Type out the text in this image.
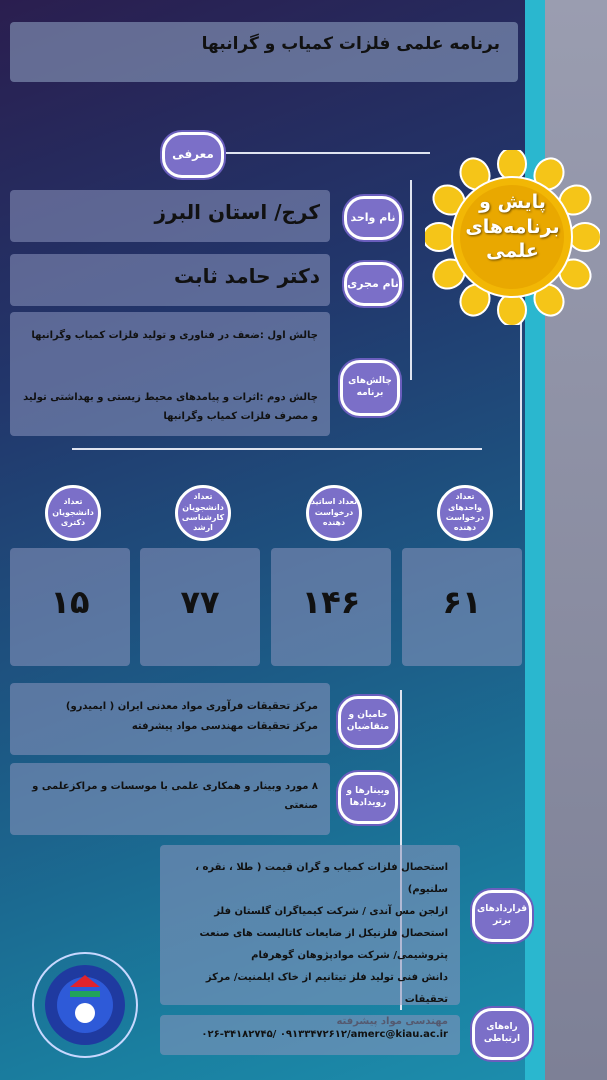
برنامه علمی فلزات کمیاب و گرانبها
معرفی
پایش و
برنامه‌های
علمی
کرج/ استان البرز	نام واحد
دکتر حامد ثابت نام مجری
چالش اول :ضعف در فناوری و تولید فلزات کمیاب وگرانبها
چالش دوم :اثرات و پیامدهای محیط زیستی و بهداشتی تولید و مصرف فلزات کمیاب وگرانبها
چالش‌های برنامه
تعداد واحدهای درخواست دهنده
تعداد اساتید درخواست دهنده
تعداد دانشجویان کارشناسی ارشد
تعداد دانشجویان دکتری
۶۱
۱۴۶
۷۷
۱۵
مرکز تحقیقات فرآوری مواد معدنی ایران ( ایمیدرو)
مرکز تحقیقات مهندسی مواد پیشرفته
حامیان و متقاضیان
۸ مورد وبینار و همکاری علمی با موسسات و مراکزعلمی و صنعتی
وبینارها و رویدادها
استحصال فلزات کمیاب و گران قیمت ( طلا ، نقره ، سلنیوم)
ازلجن مس آندی / شرکت کیمیاگران گلستان فلز
استحصال فلزنیکل از ضایعات کاتالیست های صنعت
پتروشیمی/ شرکت موادپژوهان گوهرفام
دانش فنی تولید فلز تیتانیم از خاک ایلمنیت/ مرکز تحقیقات
قراردادهای برتر
۰۲۶-۳۴۱۸۲۷۴۵/ ۰۹۱۳۳۴۷۲۶۱۲/amerc@kiau.ac.ir
راه‌های ارتباطی
